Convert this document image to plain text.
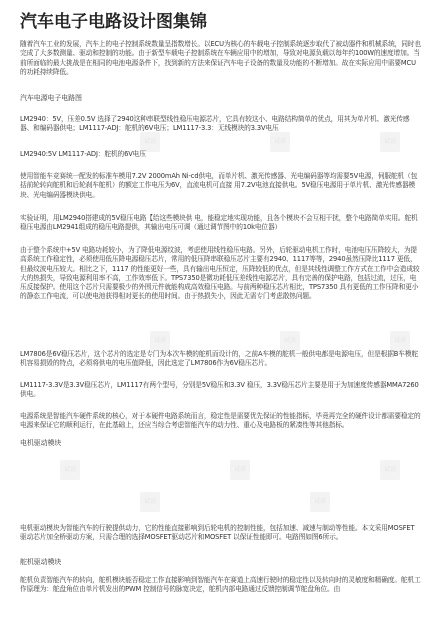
汽车电子电路设计图集锦

随着汽车工业的发展，汽车上的电子控制系统数量呈指数增长。以ECU为核心的车载电子控制系统逐步取代了被动器件和机械系统，同时也完成了大多数测量、驱动和控制的功能。由于新型车载电子控制系统在车辆应用中的增加，导致对电源负载以每年约100W的速度增加。当前所面临的最大挑战是在相同的电池电源条件下，找到新的方法来保证汽车电子设备的数量及功能的不断增加。故在实际应用中需要MCU的功耗持续降低。

汽车电源电子电路图

LM2940：5V，压差0.5V 选择了2940这种串联型线性稳压电源芯片，它具有较这小、电路结构简单的优点，用其为单片机、激光传感器、和编码器供电；LM1117-ADJ：舵机的6V电压；LM1117-3.3：无线模块的3.3V电压

试读	试读	试读

LM2940:5V LM1117-ADJ：舵机的6V电压

使用智能车竞赛统一配发的标准车模用7.2V 2000mAh Ni-cd供电，而单片机、激光传感器、光电编码器等均需要5V电源，伺服舵机（包括前轮转向舵机和后轮刹车舵机）的额定工作电压为6V，直流电机可直接 用7.2V电池直接供电。5V稳压电源用于单片机、激光传感器模块、光电编码器模块供电。

实验证明，用LM2940搭建成的5V稳压电路【给这些模块供 电，能稳定地实现功能，且各个模块不会互相干扰，整个电路简单实用。舵机稳压电源由LM2941组成的稳压电路提供，其输出电压可调（通过调节图中的10k电位器）

由于整个系统中+5V 电路功耗较小，为了降低电源纹波，考虑使用线性稳压电路。另外，后轮驱动电机工作时，电池电压压降较大，为提高系统工作稳定性，必须使用低压降电源稳压芯片，常用的低压降串联稳压芯片主要有2940、1117等等，2940虽然压降比1117 更低，但最纹波电压较大。相比之下，1117 的性能更好一些，具有输出电压恒定，压降较低的优点，但是其线性调整工作方式在工作中会造成较大的热损失，导致电源利用率不高，工作效率低下。TPS7350是微功耗低压差线性电源芯片，具有完善的保护电路，包括过流，过压，电压反接保护。使用这个芯片只需要极少的外围元件就能构成高效稳压电路。与前两种稳压芯片相比，TPS7350 具有更低的工作压降和更小的静态工作电流，可以使电池获得相对更长的使用时间。由于热损失小，因此无需专门考虑散热问题。

试读	试读	试读

LM7806是6V稳压芯片，这个芯片的选定是专门为本次车模的舵机而设计的，之前A车模的舵机一般供电都是电源电压，但是根据B车模舵机容易损毁的特点，必须将供电的电压值降低，因此选定了LM7806作为6V稳压芯片。

LM1117-3.3V是3.3V稳压芯片，LM1117有两个型号，分别是5V稳压和3.3V 稳压，3.3V稳压芯片主要是用于为加速度传感器MMA7260供电。

电源系统是智能汽车硬件系统的核心，对于本硬件电路系统而言，稳定性是需要优先保证的性能指标，毕竟再完全的硬件设计都需要稳定的电源来保证它的顺利运行，在此基础上，还应当综合考虑智能汽车的动力性、重心及电路板的紧凑性等其他指标。

电机驱动模块

试读	试读	试读
试读	试读

电机驱动模块为智能汽车的行驶提供动力，它的性能直接影响到后轮电机的控制性能，包括加速、减速与制动等性能。本文采用MOSFET 驱动芯片加全桥驱动方案，只需合理的选择MOSFET驱动芯片和MOSFET 以保证性能即可。电路图如图6所示。

舵机驱动模块

舵机负责智能汽车的转向，舵机模块能否稳定工作直接影响到智能汽车在赛道上高速行驶时的稳定性以及转向时的灵敏度和精确度。舵机工作原理为：舵盘角位由单片机发出的PWM 控制信号的脉宽决定，舵机内部电路通过反馈控制调节舵盘角位。由
